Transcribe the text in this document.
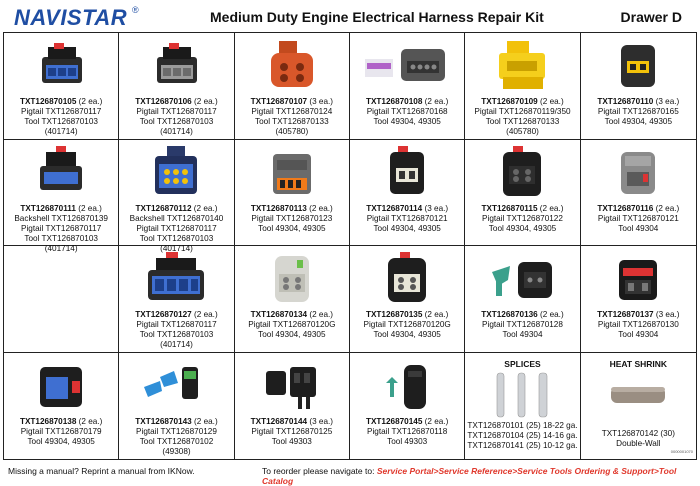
NAVISTAR ®	Medium Duty Engine Electrical Harness Repair Kit	Drawer D
TXT126870105 (2 ea.)
Pigtail TXT126870117
Tool TXT126870103
(401714)
TXT126870106 (2 ea.)
Pigtail TXT126870117
Tool TXT126870103
(401714)
TXT126870107 (3 ea.)
Pigtail TXT126870124
Tool TXT126870133
(405780)
TXT126870108 (2 ea.)
Pigtail TXT126870168
Tool 49304, 49305
TXT126870109 (2 ea.)
Pigtail TXT126870119/350
Tool TXT126870133
(405780)
TXT126870110 (3 ea.)
Pigtail TXT126870165
Tool 49304, 49305
TXT126870111 (2 ea.)
Backshell TXT126870139
Pigtail TXT126870117
Tool TXT126870103
(401714)
TXT126870112 (2 ea.)
Backshell TXT126870140
Pigtail TXT126870117
Tool TXT126870103
(401714)
TXT126870113 (2 ea.)
Pigtail TXT126870123
Tool 49304, 49305
TXT126870114 (3 ea.)
Pigtail TXT126870121
Tool 49304, 49305
TXT126870115 (2 ea.)
Pigtail TXT126870122
Tool 49304, 49305
TXT126870116 (2 ea.)
Pigtail TXT126870121
Tool 49304
TXT126870127 (2 ea.)
Pigtail TXT126870117
Tool TXT126870103
(401714)
TXT126870134 (2 ea.)
Pigtail TXT126870120G
Tool 49304, 49305
TXT126870135 (2 ea.)
Pigtail TXT126870120G
Tool 49304, 49305
TXT126870136 (2 ea.)
Pigtail TXT126870128
Tool 49304
TXT126870137 (3 ea.)
Pigtail TXT126870130
Tool 49304
TXT126870138 (2 ea.)
Pigtail TXT126870179
Tool 49304, 49305
TXT126870143 (2 ea.)
Pigtail TXT126870129
Tool TXT126870102
(49308)
TXT126870144 (3 ea.)
Pigtail TXT126870125
Tool 49303
TXT126870145 (2 ea.)
Pigtail TXT126870118
Tool 49303
SPLICES
TXT126870101 (25) 18-22 ga.
TXT126870104 (25) 14-16 ga.
TXT126870141 (25) 10-12 ga.
HEAT SHRINK
TXT126870142 (30)
Double-Wall
0000001070
Missing a manual? Reprint a manual from IKNow.	To reorder please navigate to: Service Portal>Service Reference>Service Tools Ordering & Support>Tool Catalog
